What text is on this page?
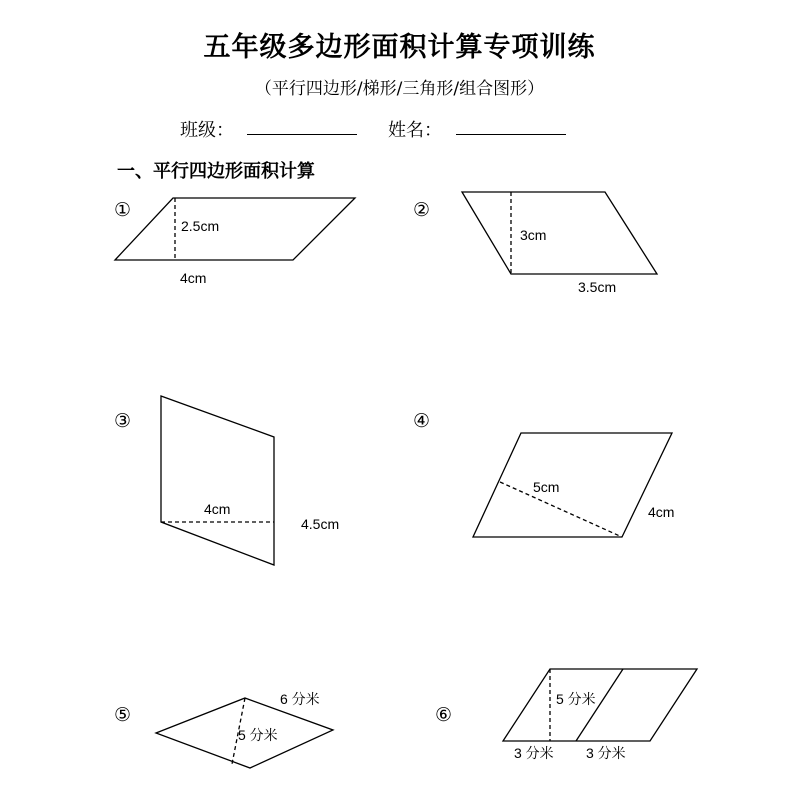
五年级多边形面积计算专项训练
（平行四边形/梯形/三角形/组合图形）
班级：	姓名：
一、平行四边形面积计算
①	②
③	④
⑤	⑥
2.5cm
4cm
3cm
3.5cm
4cm
4.5cm
5cm
4cm
6 分米
5 分米
5 分米
3 分米 3 分米
